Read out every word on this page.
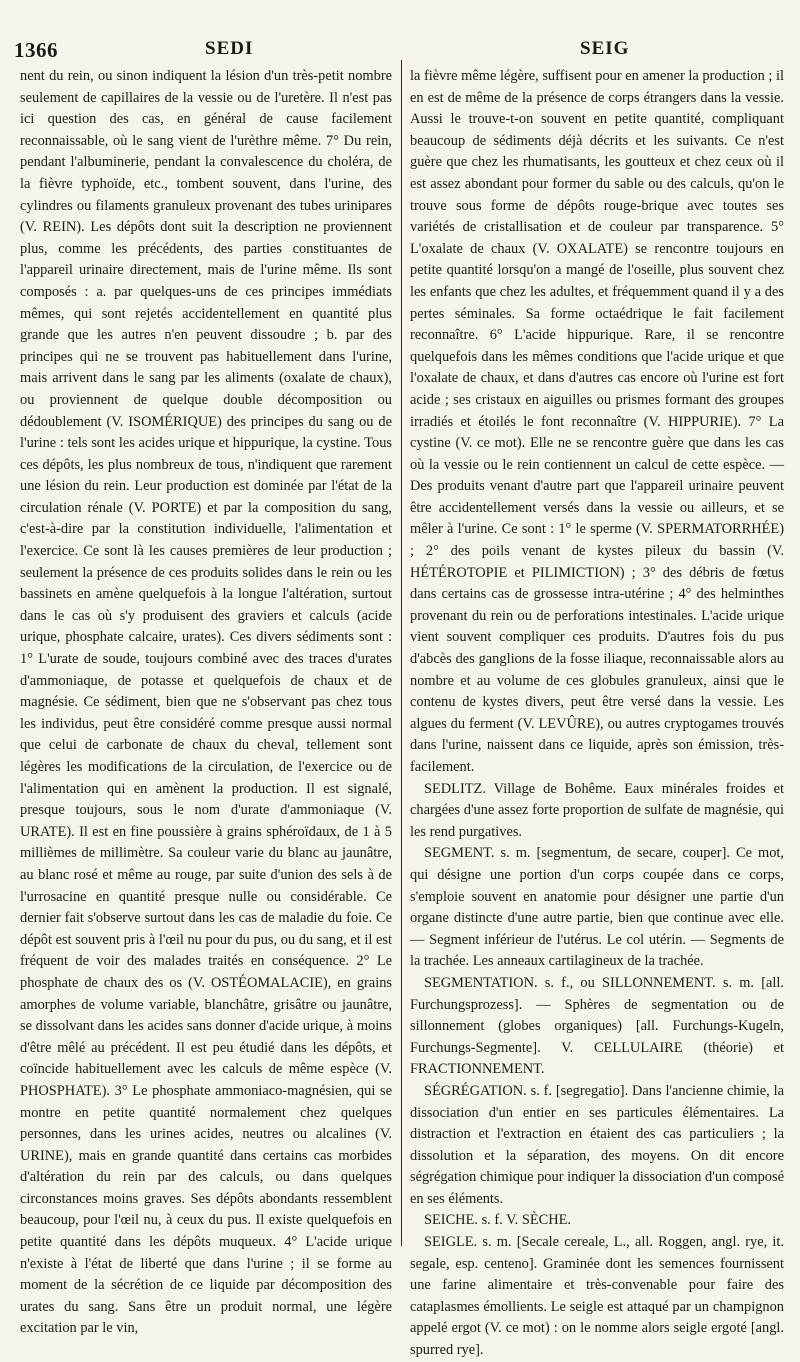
1366	SEDI	SEIG

nent du rein, ou sinon indiquent la lésion d'un très-petit nombre seulement de capillaires de la vessie ou de l'uretère. Il n'est pas ici question des cas, en général de cause facilement reconnaissable, où le sang vient de l'urèthre même. 7° Du rein, pendant l'albuminerie, pendant la convalescence du choléra, de la fièvre typhoïde, etc., tombent souvent, dans l'urine, des cylindres ou filaments granuleux provenant des tubes urinipares (V. REIN). Les dépôts dont suit la description ne proviennent plus, comme les précédents, des parties constituantes de l'appareil urinaire directement, mais de l'urine même. Ils sont composés : a. par quelques-uns de ces principes immédiats mêmes, qui sont rejetés accidentellement en quantité plus grande que les autres n'en peuvent dissoudre ; b. par des principes qui ne se trouvent pas habituellement dans l'urine, mais arrivent dans le sang par les aliments (oxalate de chaux), ou proviennent de quelque double décomposition ou dédoublement (V. ISOMÉRIQUE) des principes du sang ou de l'urine : tels sont les acides urique et hippurique, la cystine. Tous ces dépôts, les plus nombreux de tous, n'indiquent que rarement une lésion du rein. Leur production est dominée par l'état de la circulation rénale (V. PORTE) et par la composition du sang, c'est-à-dire par la constitution individuelle, l'alimentation et l'exercice. Ce sont là les causes premières de leur production ; seulement la présence de ces produits solides dans le rein ou les bassinets en amène quelquefois à la longue l'altération, surtout dans le cas où s'y produisent des graviers et calculs (acide urique, phosphate calcaire, urates). Ces divers sédiments sont : 1° L'urate de soude, toujours combiné avec des traces d'urates d'ammoniaque, de potasse et quelquefois de chaux et de magnésie. Ce sédiment, bien que ne s'observant pas chez tous les individus, peut être considéré comme presque aussi normal que celui de carbonate de chaux du cheval, tellement sont légères les modifications de la circulation, de l'exercice ou de l'alimentation qui en amènent la production. Il est signalé, presque toujours, sous le nom d'urate d'ammoniaque (V. URATE). Il est en fine poussière à grains sphéroïdaux, de 1 à 5 millièmes de millimètre. Sa couleur varie du blanc au jaunâtre, au blanc rosé et même au rouge, par suite d'union des sels à de l'urrosacine en quantité presque nulle ou considérable. Ce dernier fait s'observe surtout dans les cas de maladie du foie. Ce dépôt est souvent pris à l'œil nu pour du pus, ou du sang, et il est fréquent de voir des malades traités en conséquence. 2° Le phosphate de chaux des os (V. OSTÉOMALACIE), en grains amorphes de volume variable, blanchâtre, grisâtre ou jaunâtre, se dissolvant dans les acides sans donner d'acide urique, à moins d'être mêlé au précédent. Il est peu étudié dans les dépôts, et coïncide habituellement avec les calculs de même espèce (V. PHOSPHATE). 3° Le phosphate ammoniaco-magnésien, qui se montre en petite quantité normalement chez quelques personnes, dans les urines acides, neutres ou alcalines (V. URINE), mais en grande quantité dans certains cas morbides d'altération du rein par des calculs, ou dans quelques circonstances moins graves. Ses dépôts abondants ressemblent beaucoup, pour l'œil nu, à ceux du pus. Il existe quelquefois en petite quantité dans les dépôts muqueux. 4° L'acide urique n'existe à l'état de liberté que dans l'urine ; il se forme au moment de la sécrétion de ce liquide par décomposition des urates du sang. Sans être un produit normal, une légère excitation par le vin,

la fièvre même légère, suffisent pour en amener la production ; il en est de même de la présence de corps étrangers dans la vessie. Aussi le trouve-t-on souvent en petite quantité, compliquant beaucoup de sédiments déjà décrits et les suivants. Ce n'est guère que chez les rhumatisants, les goutteux et chez ceux où il est assez abondant pour former du sable ou des calculs, qu'on le trouve sous forme de dépôts rouge-brique avec toutes ses variétés de cristallisation et de couleur par transparence. 5° L'oxalate de chaux (V. OXALATE) se rencontre toujours en petite quantité lorsqu'on a mangé de l'oseille, plus souvent chez les enfants que chez les adultes, et fréquemment quand il y a des pertes séminales. Sa forme octaédrique le fait facilement reconnaître. 6° L'acide hippurique. Rare, il se rencontre quelquefois dans les mêmes conditions que l'acide urique et que l'oxalate de chaux, et dans d'autres cas encore où l'urine est fort acide ; ses cristaux en aiguilles ou prismes formant des groupes irradiés et étoilés le font reconnaître (V. HIPPURIE). 7° La cystine (V. ce mot). Elle ne se rencontre guère que dans les cas où la vessie ou le rein contiennent un calcul de cette espèce. — Des produits venant d'autre part que l'appareil urinaire peuvent être accidentellement versés dans la vessie ou ailleurs, et se mêler à l'urine. Ce sont : 1° le sperme (V. SPERMATORRHÉE) ; 2° des poils venant de kystes pileux du bassin (V. HÉTÉROTOPIE et PILIMICTION) ; 3° des débris de fœtus dans certains cas de grossesse intra-utérine ; 4° des helminthes provenant du rein ou de perforations intestinales. L'acide urique vient souvent compliquer ces produits. D'autres fois du pus d'abcès des ganglions de la fosse iliaque, reconnaissable alors au nombre et au volume de ces globules granuleux, ainsi que le contenu de kystes divers, peut être versé dans la vessie. Les algues du ferment (V. LEVÛRE), ou autres cryptogames trouvés dans l'urine, naissent dans ce liquide, après son émission, très-facilement.

SEDLITZ. Village de Bohême. Eaux minérales froides et chargées d'une assez forte proportion de sulfate de magnésie, qui les rend purgatives.

SEGMENT. s. m. [segmentum, de secare, couper]. Ce mot, qui désigne une portion d'un corps coupée dans ce corps, s'emploie souvent en anatomie pour désigner une partie d'un organe distincte d'une autre partie, bien que continue avec elle. — Segment inférieur de l'utérus. Le col utérin. — Segments de la trachée. Les anneaux cartilagineux de la trachée.

SEGMENTATION. s. f., ou SILLONNEMENT. s. m. [all. Furchungsprozess]. — Sphères de segmentation ou de sillonnement (globes organiques) [all. Furchungs-Kugeln, Furchungs-Segmente]. V. CELLULAIRE (théorie) et FRACTIONNEMENT.

SÉGRÉGATION. s. f. [segregatio]. Dans l'ancienne chimie, la dissociation d'un entier en ses particules élémentaires. La distraction et l'extraction en étaient des cas particuliers ; la dissolution et la séparation, des moyens. On dit encore ségrégation chimique pour indiquer la dissociation d'un composé en ses éléments.

SEICHE. s. f. V. SÈCHE.

SEIGLE. s. m. [Secale cereale, L., all. Roggen, angl. rye, it. segale, esp. centeno]. Graminée dont les semences fournissent une farine alimentaire et très-convenable pour faire des cataplasmes émollients. Le seigle est attaqué par un champignon appelé ergot (V. ce mot) : on le nomme alors seigle ergoté [angl. spurred rye].
